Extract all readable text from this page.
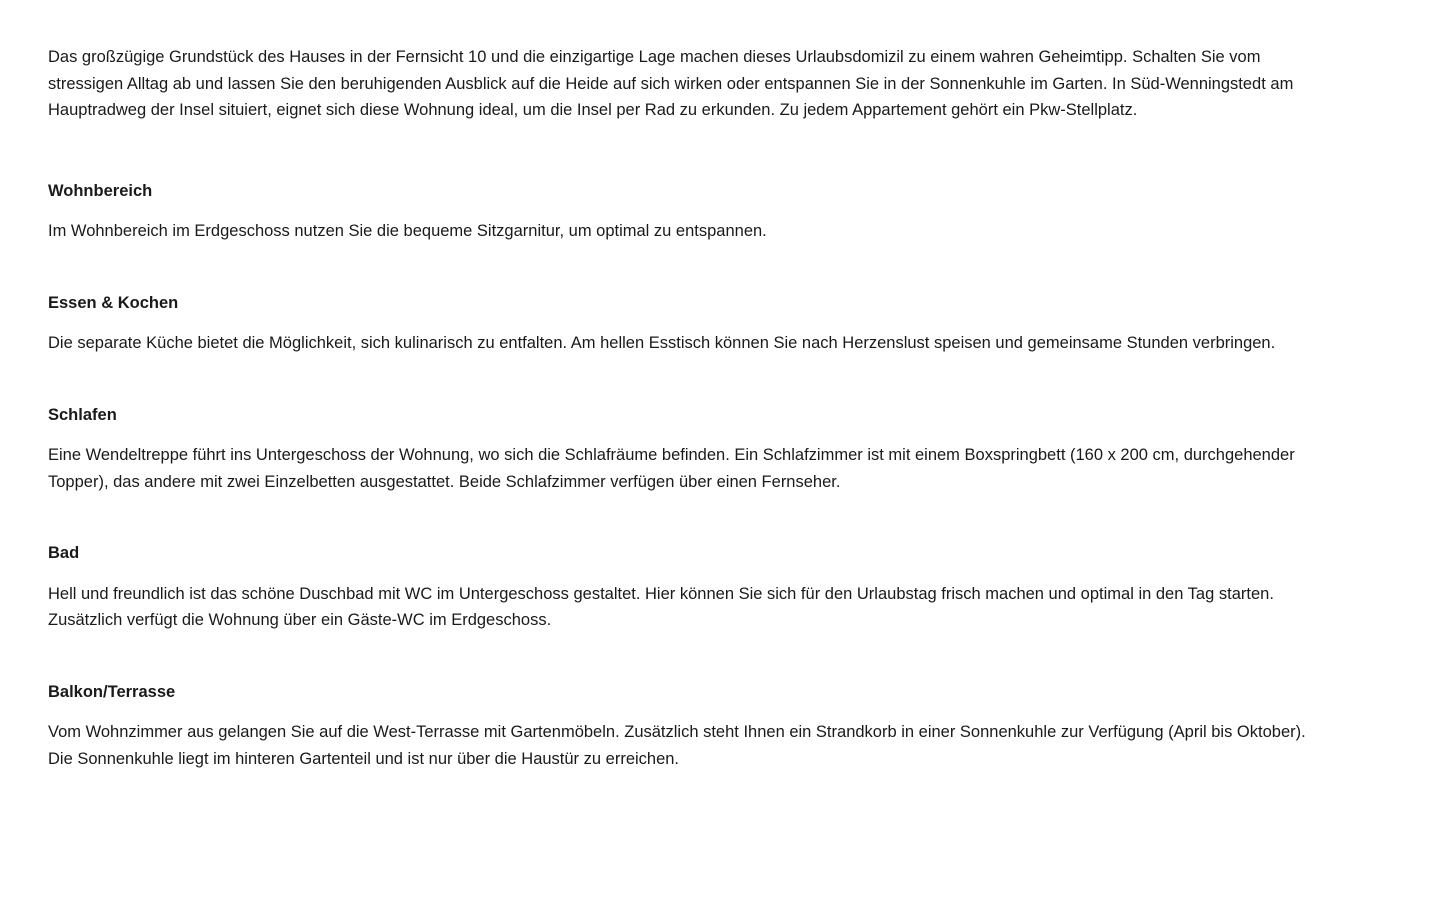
Das großzügige Grundstück des Hauses in der Fernsicht 10 und die einzigartige Lage machen dieses Urlaubsdomizil zu einem wahren Geheimtipp. Schalten Sie vom stressigen Alltag ab und lassen Sie den beruhigenden Ausblick auf die Heide auf sich wirken oder entspannen Sie in der Sonnenkuhle im Garten. In Süd-Wenningstedt am Hauptradweg der Insel situiert, eignet sich diese Wohnung ideal, um die Insel per Rad zu erkunden. Zu jedem Appartement gehört ein Pkw-Stellplatz.

Wohnbereich

Im Wohnbereich im Erdgeschoss nutzen Sie die bequeme Sitzgarnitur, um optimal zu entspannen.

Essen & Kochen

Die separate Küche bietet die Möglichkeit, sich kulinarisch zu entfalten. Am hellen Esstisch können Sie nach Herzenslust speisen und gemeinsame Stunden verbringen.

Schlafen

Eine Wendeltreppe führt ins Untergeschoss der Wohnung, wo sich die Schlafräume befinden. Ein Schlafzimmer ist mit einem Boxspringbett (160 x 200 cm, durchgehender Topper), das andere mit zwei Einzelbetten ausgestattet. Beide Schlafzimmer verfügen über einen Fernseher.

Bad

Hell und freundlich ist das schöne Duschbad mit WC im Untergeschoss gestaltet. Hier können Sie sich für den Urlaubstag frisch machen und optimal in den Tag starten. Zusätzlich verfügt die Wohnung über ein Gäste-WC im Erdgeschoss.

Balkon/Terrasse

Vom Wohnzimmer aus gelangen Sie auf die West-Terrasse mit Gartenmöbeln. Zusätzlich steht Ihnen ein Strandkorb in einer Sonnenkuhle zur Verfügung (April bis Oktober). Die Sonnenkuhle liegt im hinteren Gartenteil und ist nur über die Haustür zu erreichen.
